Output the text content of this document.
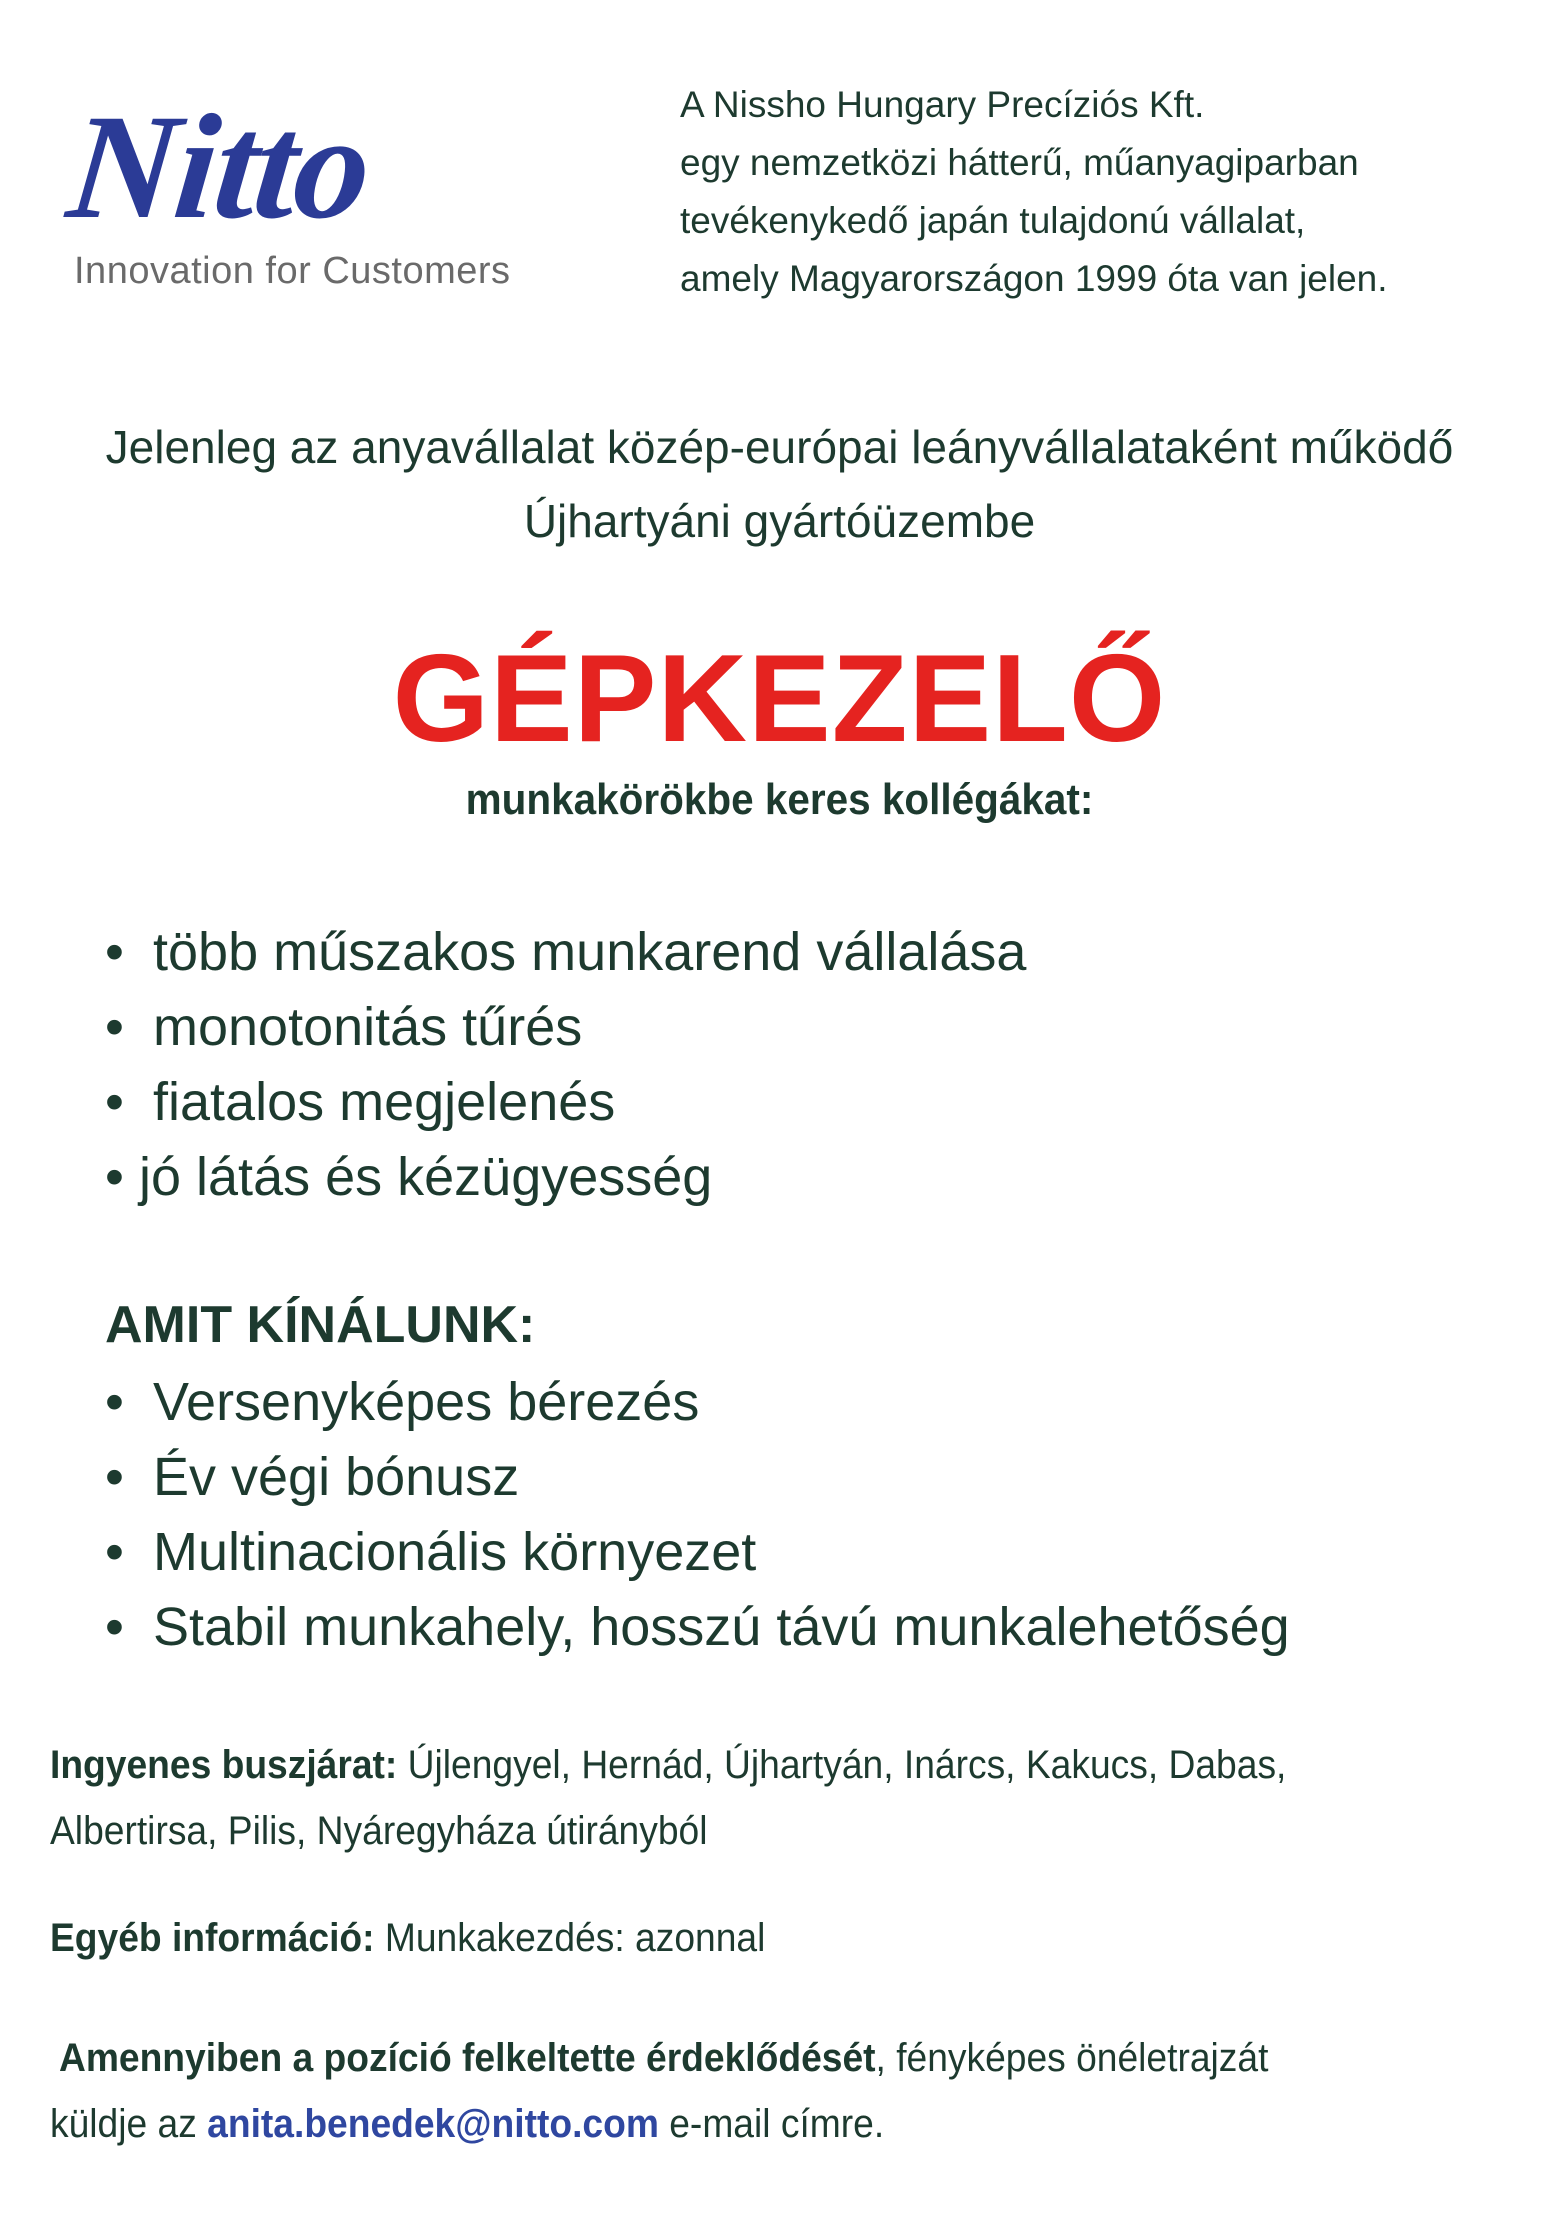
Nitto
Innovation for Customers
A Nissho Hungary Precíziós Kft.
egy nemzetközi hátterű, műanyagiparban
tevékenykedő japán tulajdonú vállalat,
amely Magyarországon 1999 óta van jelen.
Jelenleg az anyavállalat közép-európai leányvállalataként működő
Újhartyáni gyártóüzembe
GÉPKEZELŐ
munkakörökbe keres kollégákat:
• több műszakos munkarend vállalása
• monotonitás tűrés
• fiatalos megjelenés
• jó látás és kézügyesség
AMIT KÍNÁLUNK:
• Versenyképes bérezés
• Év végi bónusz
• Multinacionális környezet
• Stabil munkahely, hosszú távú munkalehetőség
Ingyenes buszjárat: Újlengyel, Hernád, Újhartyán, Inárcs, Kakucs, Dabas,
Albertirsa, Pilis, Nyáregyháza útirányból
Egyéb információ: Munkakezdés: azonnal
Amennyiben a pozíció felkeltette érdeklődését, fényképes önéletrajzát
küldje az anita.benedek@nitto.com e-mail címre.
